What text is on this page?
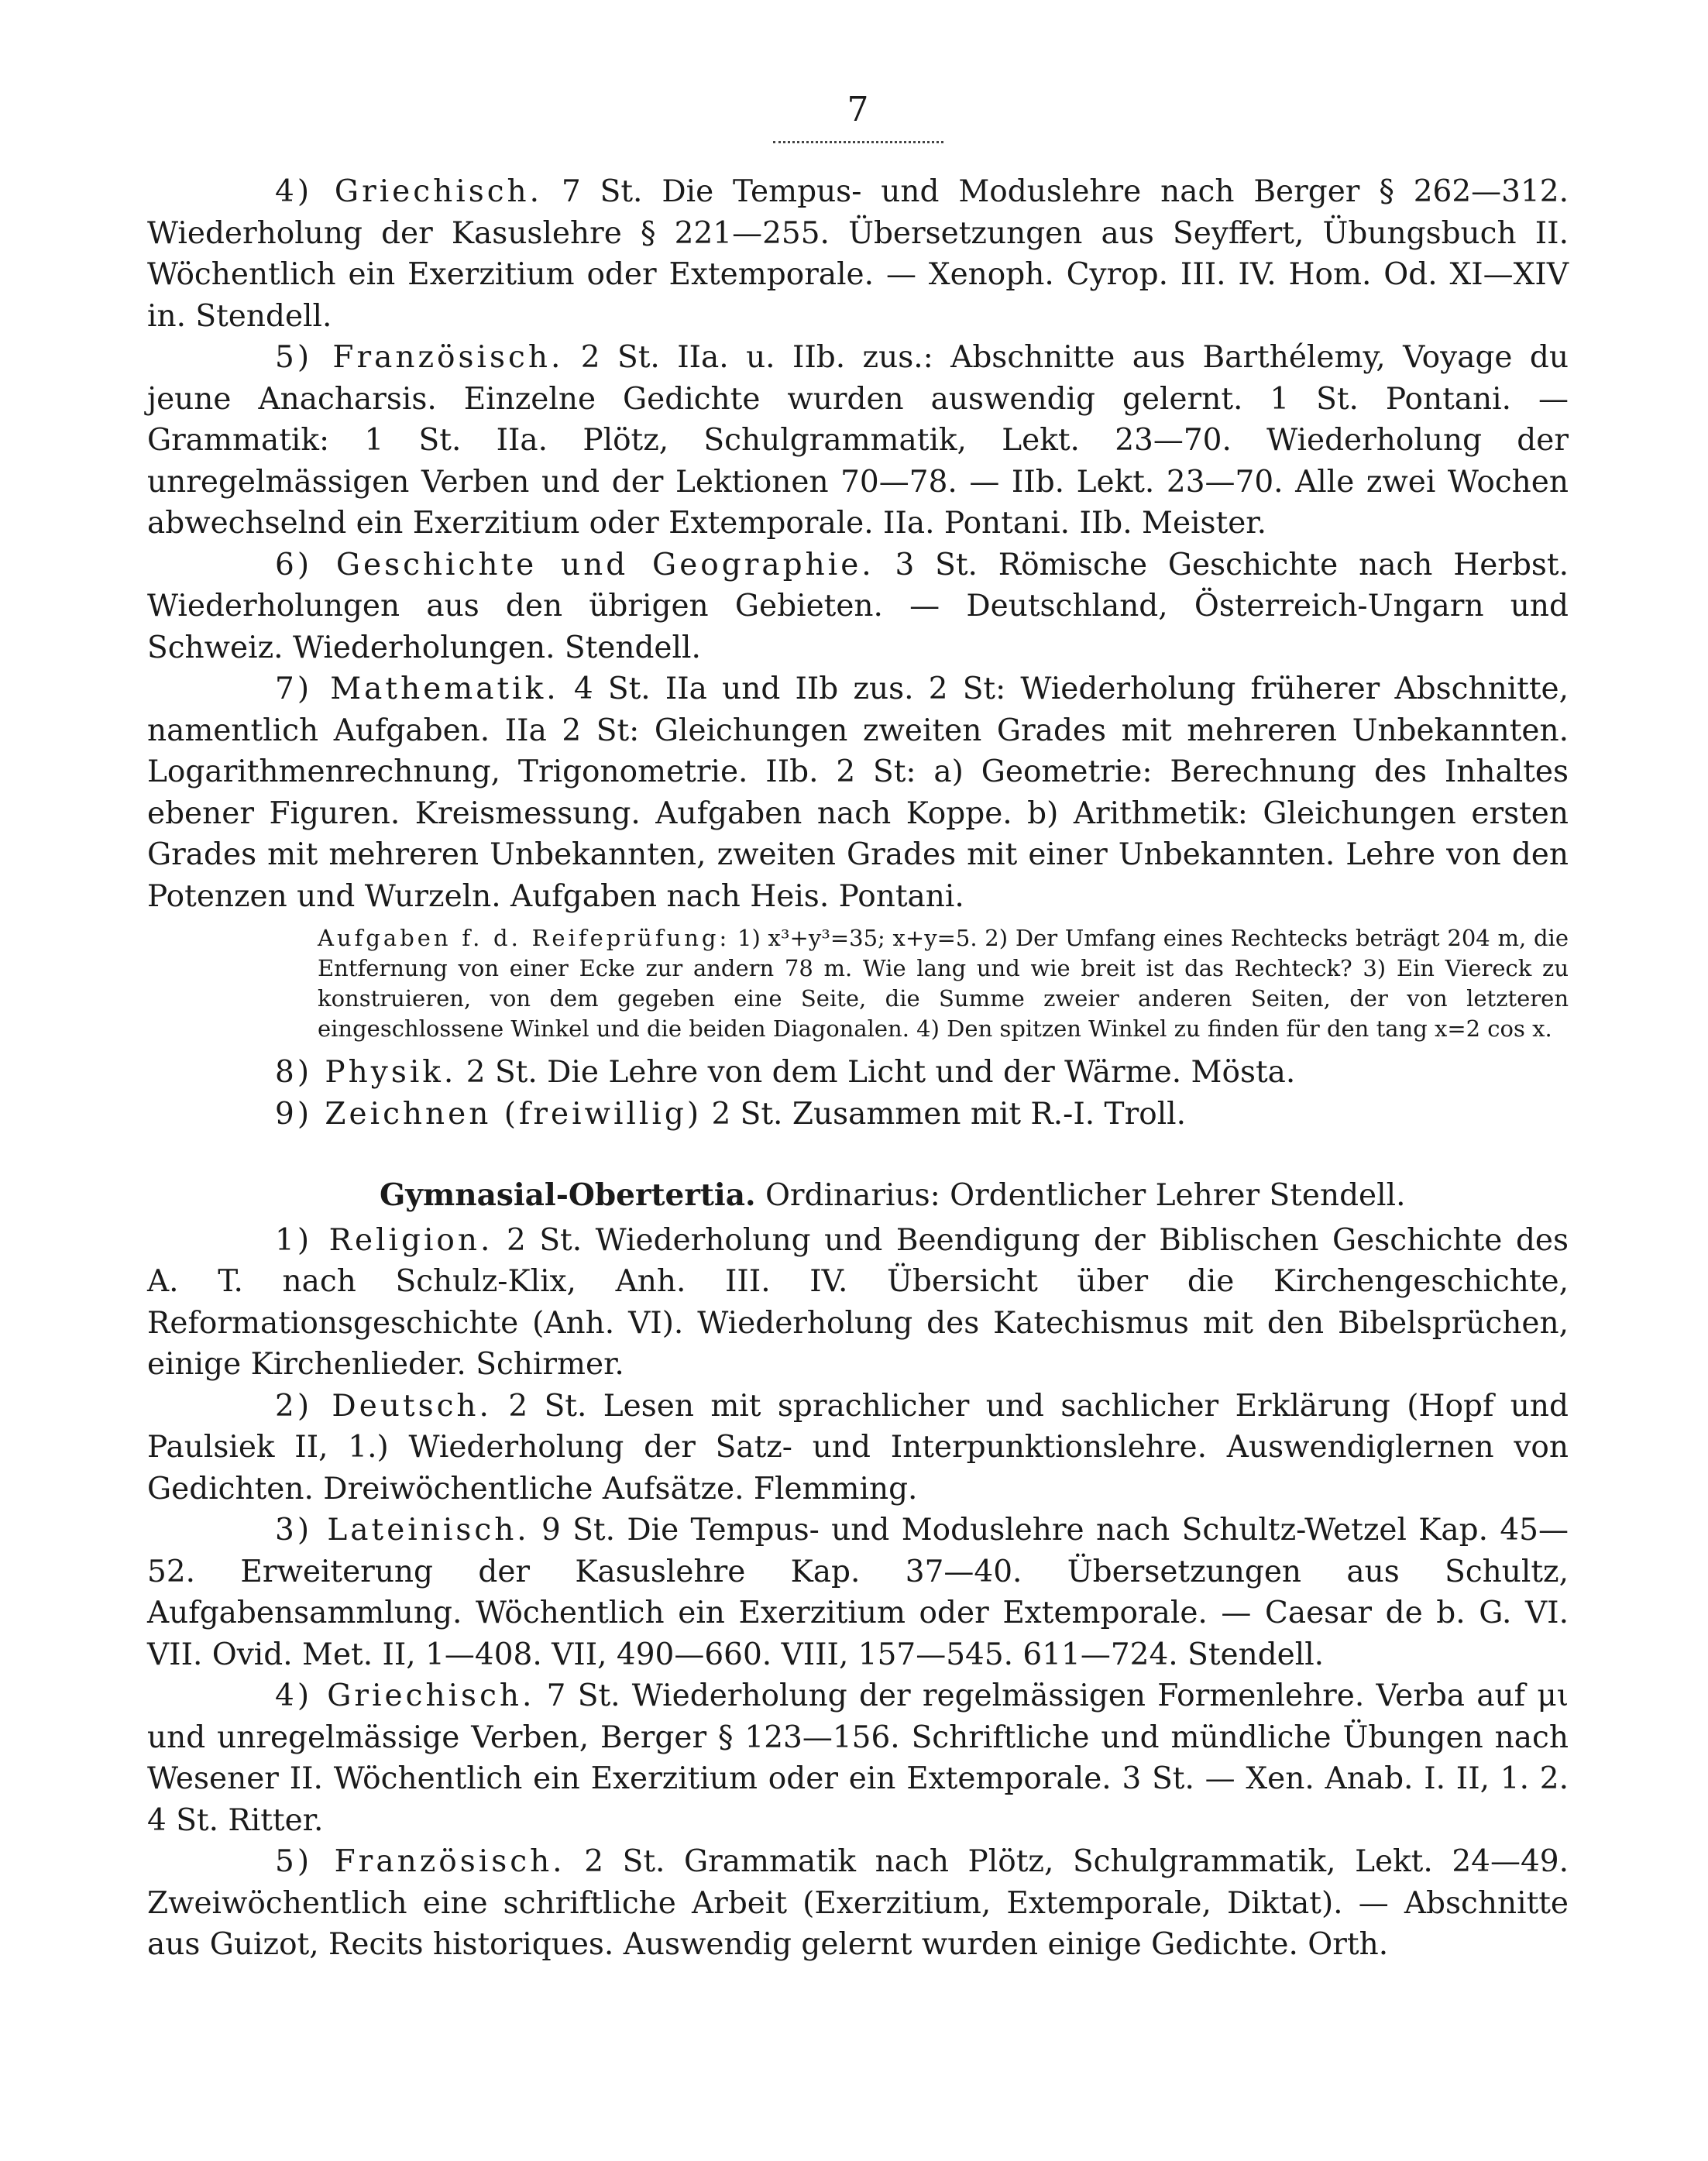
7

4) Griechisch. 7 St. Die Tempus- und Moduslehre nach Berger § 262—312. Wiederholung der Kasuslehre § 221—255. Übersetzungen aus Seyffert, Übungsbuch II. Wöchentlich ein Exerzitium oder Extemporale. — Xenoph. Cyrop. III. IV. Hom. Od. XI—XIV in. Stendell.

5) Französisch. 2 St. IIa. u. IIb. zus.: Abschnitte aus Barthélemy, Voyage du jeune Anacharsis. Einzelne Gedichte wurden auswendig gelernt. 1 St. Pontani. — Grammatik: 1 St. IIa. Plötz, Schulgrammatik, Lekt. 23—70. Wiederholung der unregelmässigen Verben und der Lektionen 70—78. — IIb. Lekt. 23—70. Alle zwei Wochen abwechselnd ein Exerzitium oder Extemporale. IIa. Pontani. IIb. Meister.

6) Geschichte und Geographie. 3 St. Römische Geschichte nach Herbst. Wiederholungen aus den übrigen Gebieten. — Deutschland, Österreich-Ungarn und Schweiz. Wiederholungen. Stendell.

7) Mathematik. 4 St. IIa und IIb zus. 2 St: Wiederholung früherer Abschnitte, namentlich Aufgaben. IIa 2 St: Gleichungen zweiten Grades mit mehreren Unbekannten. Logarithmenrechnung, Trigonometrie. IIb. 2 St: a) Geometrie: Berechnung des Inhaltes ebener Figuren. Kreismessung. Aufgaben nach Koppe. b) Arithmetik: Gleichungen ersten Grades mit mehreren Unbekannten, zweiten Grades mit einer Unbekannten. Lehre von den Potenzen und Wurzeln. Aufgaben nach Heis. Pontani.

Aufgaben f. d. Reifeprüfung: 1) x³+y³=35; x+y=5. 2) Der Umfang eines Rechtecks beträgt 204 m, die Entfernung von einer Ecke zur andern 78 m. Wie lang und wie breit ist das Rechteck? 3) Ein Viereck zu konstruieren, von dem gegeben eine Seite, die Summe zweier anderen Seiten, der von letzteren eingeschlossene Winkel und die beiden Diagonalen. 4) Den spitzen Winkel zu finden für den tang x=2 cos x.

8) Physik. 2 St. Die Lehre von dem Licht und der Wärme. Mösta.

9) Zeichnen (freiwillig) 2 St. Zusammen mit R.-I. Troll.

Gymnasial-Obertertia. Ordinarius: Ordentlicher Lehrer Stendell.

1) Religion. 2 St. Wiederholung und Beendigung der Biblischen Geschichte des A. T. nach Schulz-Klix, Anh. III. IV. Übersicht über die Kirchengeschichte, Reformationsgeschichte (Anh. VI). Wiederholung des Katechismus mit den Bibelsprüchen, einige Kirchenlieder. Schirmer.

2) Deutsch. 2 St. Lesen mit sprachlicher und sachlicher Erklärung (Hopf und Paulsiek II, 1.) Wiederholung der Satz- und Interpunktionslehre. Auswendiglernen von Gedichten. Dreiwöchentliche Aufsätze. Flemming.

3) Lateinisch. 9 St. Die Tempus- und Moduslehre nach Schultz-Wetzel Kap. 45—52. Erweiterung der Kasuslehre Kap. 37—40. Übersetzungen aus Schultz, Aufgabensammlung. Wöchentlich ein Exerzitium oder Extemporale. — Caesar de b. G. VI. VII. Ovid. Met. II, 1—408. VII, 490—660. VIII, 157—545. 611—724. Stendell.

4) Griechisch. 7 St. Wiederholung der regelmässigen Formenlehre. Verba auf μι und unregelmässige Verben, Berger § 123—156. Schriftliche und mündliche Übungen nach Wesener II. Wöchentlich ein Exerzitium oder ein Extemporale. 3 St. — Xen. Anab. I. II, 1. 2. 4 St. Ritter.

5) Französisch. 2 St. Grammatik nach Plötz, Schulgrammatik, Lekt. 24—49. Zweiwöchentlich eine schriftliche Arbeit (Exerzitium, Extemporale, Diktat). — Abschnitte aus Guizot, Recits historiques. Auswendig gelernt wurden einige Gedichte. Orth.
